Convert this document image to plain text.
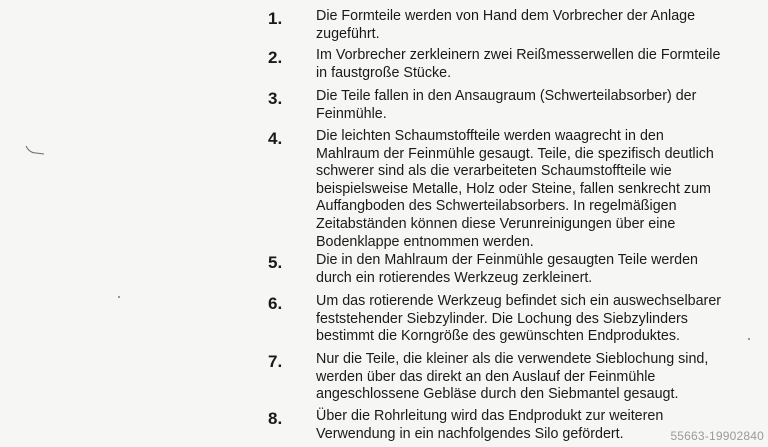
1. Die Formteile werden von Hand dem Vorbrecher der Anlage
zugeführt.
2. Im Vorbrecher zerkleinern zwei Reißmesserwellen die Formteile
in faustgroße Stücke.
3. Die Teile fallen in den Ansaugraum (Schwerteilabsorber) der
Feinmühle.
4. Die leichten Schaumstoffteile werden waagrecht in den
Mahlraum der Feinmühle gesaugt. Teile, die spezifisch deutlich
schwerer sind als die verarbeiteten Schaumstoffteile wie
beispielsweise Metalle, Holz oder Steine, fallen senkrecht zum
Auffangboden des Schwerteilabsorbers. In regelmäßigen
Zeitabständen können diese Verunreinigungen über eine
Bodenklappe entnommen werden.
5. Die in den Mahlraum der Feinmühle gesaugten Teile werden
durch ein rotierendes Werkzeug zerkleinert.
6. Um das rotierende Werkzeug befindet sich ein auswechselbarer
feststehender Siebzylinder. Die Lochung des Siebzylinders
bestimmt die Korngröße des gewünschten Endproduktes.
7. Nur die Teile, die kleiner als die verwendete Sieblochung sind,
werden über das direkt an den Auslauf der Feinmühle
angeschlossene Gebläse durch den Siebmantel gesaugt.
8. Über die Rohrleitung wird das Endprodukt zur weiteren
Verwendung in ein nachfolgendes Silo gefördert.	55663-19902840
